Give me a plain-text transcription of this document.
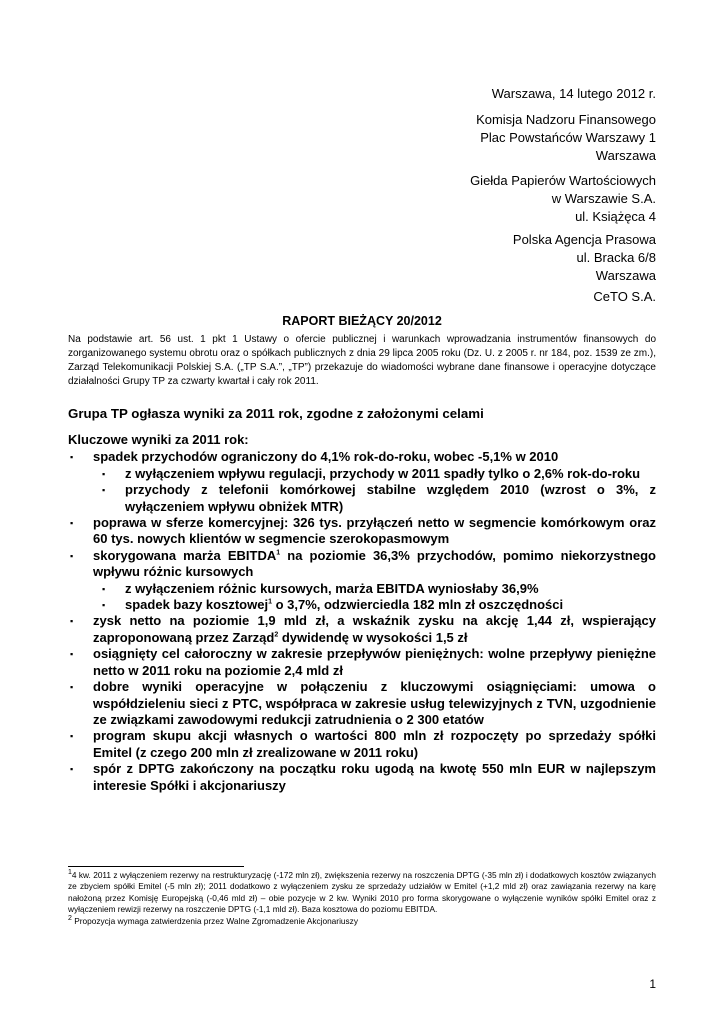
Warszawa, 14 lutego 2012 r.
Komisja Nadzoru Finansowego
Plac Powstańców Warszawy 1
Warszawa
Giełda Papierów Wartościowych
w Warszawie S.A.
ul. Książęca 4
Polska Agencja Prasowa
ul. Bracka 6/8
Warszawa
CeTO S.A.
RAPORT BIEŻĄCY 20/2012
Na podstawie art. 56 ust. 1 pkt 1 Ustawy o ofercie publicznej i warunkach wprowadzania instrumentów finansowych do zorganizowanego systemu obrotu oraz o spółkach publicznych z dnia 29 lipca 2005 roku (Dz. U. z 2005 r. nr 184, poz. 1539 ze zm.), Zarząd Telekomunikacji Polskiej S.A. („TP S.A.”, „TP”) przekazuje do wiadomości wybrane dane finansowe i operacyjne dotyczące działalności Grupy TP za czwarty kwartał i cały rok 2011.
Grupa TP ogłasza wyniki za 2011 rok, zgodne z założonymi celami
Kluczowe wyniki za 2011 rok:
▪ spadek przychodów ograniczony do 4,1% rok-do-roku, wobec -5,1% w 2010
▪ z wyłączeniem wpływu regulacji, przychody w 2011 spadły tylko o 2,6% rok-do-roku
▪ przychody z telefonii komórkowej stabilne względem 2010 (wzrost o 3%, z wyłączeniem wpływu obniżek MTR)
▪ poprawa w sferze komercyjnej: 326 tys. przyłączeń netto w segmencie komórkowym oraz 60 tys. nowych klientów w segmencie szerokopasmowym
▪ skorygowana marża EBITDA$^1$ na poziomie 36,3% przychodów, pomimo niekorzystnego wpływu różnic kursowych
▪ z wyłączeniem różnic kursowych, marża EBITDA wyniosłaby 36,9%
▪ spadek bazy kosztowej$^1$ o 3,7%, odzwierciedla 182 mln zł oszczędności
▪ zysk netto na poziomie 1,9 mld zł, a wskaźnik zysku na akcję 1,44 zł, wspierający zaproponowaną przez Zarząd$^2$ dywidendę w wysokości 1,5 zł
▪ osiągnięty cel całoroczny w zakresie przepływów pieniężnych: wolne przepływy pieniężne netto w 2011 roku na poziomie 2,4 mld zł
▪ dobre wyniki operacyjne w połączeniu z kluczowymi osiągnięciami: umowa o współdzieleniu sieci z PTC, współpraca w zakresie usług telewizyjnych z TVN, uzgodnienie ze związkami zawodowymi redukcji zatrudnienia o 2 300 etatów
▪ program skupu akcji własnych o wartości 800 mln zł rozpoczęty po sprzedaży spółki Emitel (z czego 200 mln zł zrealizowane w 2011 roku)
▪ spór z DPTG zakończony na początku roku ugodą na kwotę 550 mln EUR w najlepszym interesie Spółki i akcjonariuszy
$^1$4 kw. 2011 z wyłączeniem rezerwy na restrukturyzację (-172 mln zł), zwiększenia rezerwy na roszczenia DPTG (-35 mln zł) i dodatkowych kosztów związanych ze zbyciem spółki Emitel (-5 mln zł); 2011 dodatkowo z wyłączeniem zysku ze sprzedaży udziałów w Emitel (+1,2 mld zł) oraz zawiązania rezerwy na karę nałożoną przez Komisję Europejską (-0,46 mld zł) – obie pozycje w 2 kw. Wyniki 2010 pro forma skorygowane o wyłączenie wyników spółki Emitel oraz z wyłączeniem rewizji rezerwy na roszczenie DPTG (-1,1 mld zł). Baza kosztowa do poziomu EBITDA.
$^2$ Propozycja wymaga zatwierdzenia przez Walne Zgromadzenie Akcjonariuszy
1
